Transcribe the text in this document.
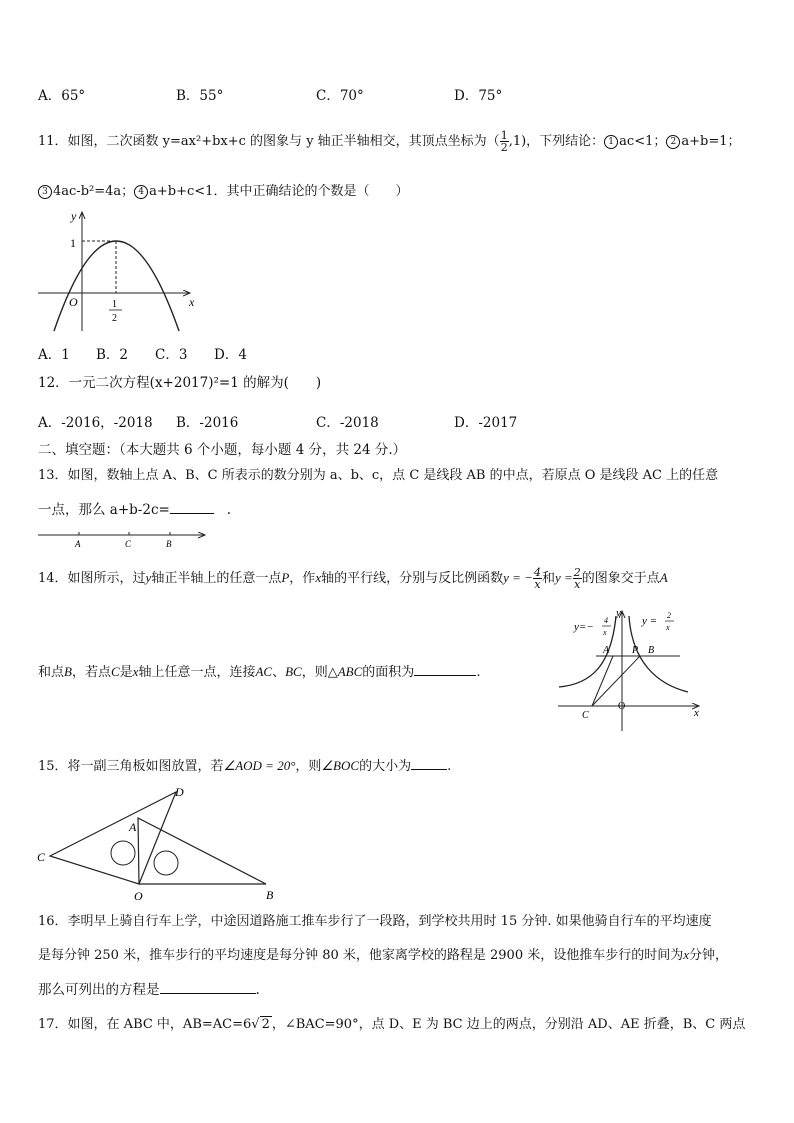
A．65°	B．55°	C．70°	D．75°
11．如图，二次函数 y=ax²+bx+c 的图象与 y 轴正半轴相交，其顶点坐标为（ $\frac{1}{2} ,1$)，下列结论： 1 ac<1； 2 a+b=1；
3 4ac-b²=4a； 4 a+b+c<1．其中正确结论的个数是（　　）
y
x
O
1
1
2
A．1 B．2 C．3 D．4
12．一元二次方程(x+2017)²=1 的解为(　　)
A．-2016，-2018 B．-2016	C．-2018	D．-2017
二、填空题：（本大题共 6 个小题，每小题 4 分，共 24 分.）
13．如图，数轴上点 A、B、C 所表示的数分别为 a、b、c，点 C 是线段 AB 的中点，若原点 O 是线段 AC 上的任意
一点，那么 a+b-2c=	.
A	C	B
14．如图所示，过y轴正半轴上的任意一点P，作x轴的平行线，分别与反比例函数y = − $\frac{4}{x}$ 和$y = \frac{2}{x}$ 的图象交于点A
和点B，若点C是x轴上任意一点，连接AC、BC，则△ABC的面积为	.
y=−
4
x
y = 2
x
y
x
A P B
C
O
15．将一副三角板如图放置，若∠AOD = 20°，则∠BOC的大小为	.
D
A
C
O	B
16．李明早上骑自行车上学，中途因道路施工推车步行了一段路，到学校共用时 15 分钟. 如果他骑自行车的平均速度
是每分钟 250 米，推车步行的平均速度是每分钟 80 米，他家离学校的路程是 2900 米，设他推车步行的时间为x分钟，
那么可列出的方程是	.
17．如图，在 ABC 中，AB=AC=6√ 2 ，∠BAC=90°，点 D、E 为 BC 边上的两点，分别沿 AD、AE 折叠，B、C 两点
